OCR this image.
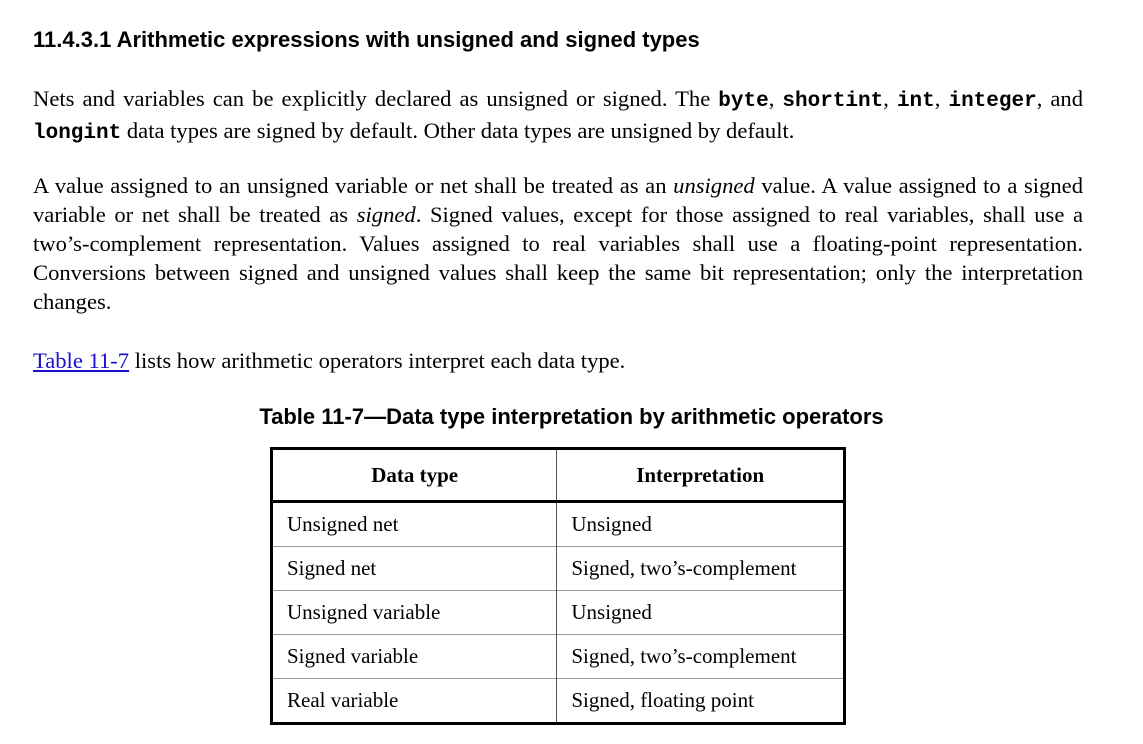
11.4.3.1 Arithmetic expressions with unsigned and signed types

Nets and variables can be explicitly declared as unsigned or signed. The byte, shortint, int, integer, and longint data types are signed by default. Other data types are unsigned by default.

A value assigned to an unsigned variable or net shall be treated as an unsigned value. A value assigned to a signed variable or net shall be treated as signed. Signed values, except for those assigned to real variables, shall use a two’s-complement representation. Values assigned to real variables shall use a floating-point representation. Conversions between signed and unsigned values shall keep the same bit representation; only the interpretation changes.

Table 11-7 lists how arithmetic operators interpret each data type.

Table 11-7—Data type interpretation by arithmetic operators

Data type	Interpretation
Unsigned net	Unsigned
Signed net	Signed, two’s-complement
Unsigned variable	Unsigned
Signed variable	Signed, two’s-complement
Real variable	Signed, floating point
